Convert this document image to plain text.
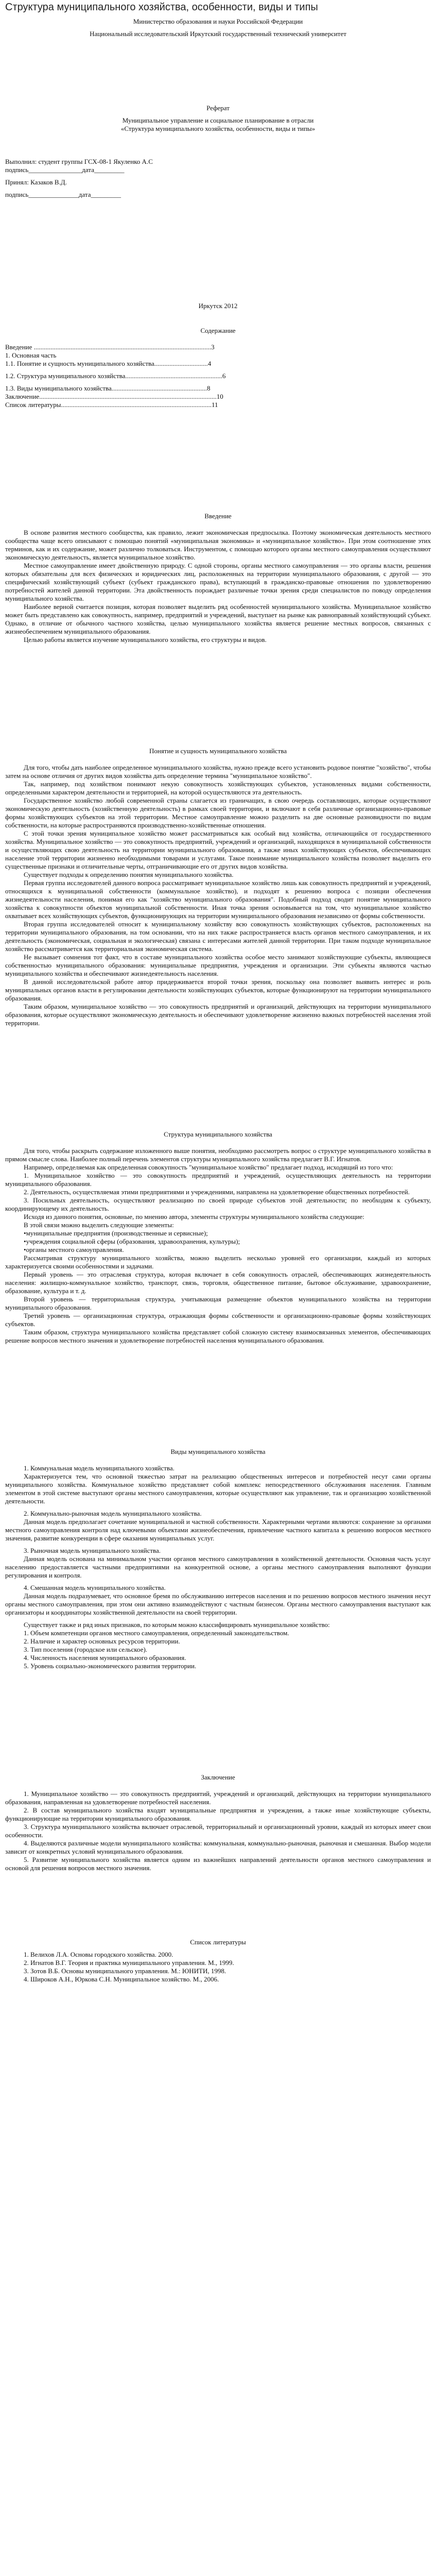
Структура муниципального хозяйства, особенности, виды и типы

Министерство образования и науки Российской Федерации

Национальный исследовательский Иркутский государственный технический университет

Реферат

Муниципальное управление и социальное планирование в отрасли

«Структура муниципального хозяйства, особенности, виды и типы»

Выполнил: студент группы ГСХ-08-1 Якуленко А.С

подпись________________дата_________

Принял: Казаков В.Д.

подпись_______________дата_________

Иркутск 2012

Содержание

Введение ..........................................................................................................3

1. Основная часть

1.1. Понятие и сущность муниципального хозяйства................................4

1.2. Структура муниципального хозяйства..........................................................6

1.3. Виды муниципального хозяйства.........................................................8

Заключение..........................................................................................................10

Список литературы..........................................................................................11

Введение

В основе развития местного сообщества, как правило, лежит экономическая предпосылка. Поэтому экономическая деятельность местного сообщества чаще всего описывают с помощью понятий «муниципальная экономика» и «муниципальное хозяйство». При этом соотношение этих терминов, как и их содержание, может различно толковаться. Инструментом, с помощью которого органы местного самоуправления осуществляют экономическую деятельность, является муниципальное хозяйство.

Местное самоуправление имеет двойственную природу. С одной стороны, органы местного самоуправления — это органы власти, решения которых обязательны для всех физических и юридических лиц, расположенных на территории муниципального образования, с другой — это специфический хозяйствующий субъект (субъект гражданского права), вступающий в гражданско-правовые отношения по удовлетворению потребностей жителей данной территории. Эта двойственность порождает различные точки зрения среди специалистов по поводу определения муниципального хозяйства.

Наиболее верной считается позиция, которая позволяет выделить ряд особенностей муниципального хозяйства. Муниципальное хозяйство может быть представлено как совокупность, например, предприятий и учреждений, выступает на рынке как равноправный хозяйствующий субъект. Однако, в отличие от обычного частного хозяйства, целью муниципального хозяйства является решение местных вопросов, связанных с жизнеобеспечением муниципального образования.

Целью работы является изучение муниципального хозяйства, его структуры и видов.

Понятие и сущность муниципального хозяйства

Для того, чтобы дать наиболее определенное муниципального хозяйства, нужно прежде всего установить родовое понятие "хозяйство", чтобы затем на основе отличия от других видов хозяйства дать определение термина "муниципальное хозяйство".

Так, например, под хозяйством понимают некую совокупность хозяйствующих субъектов, установленных видами собственности, определенными характером деятельности и территорией, на которой осуществляются эта деятельность.

Государственное хозяйство любой современной страны слагается из граничащих, в свою очередь составляющих, которые осуществляют экономическую деятельность (хозяйственную деятельность) в рамках своей территории, и включают в себя различные организационно-правовые формы хозяйствующих субъектов на этой территории. Местное самоуправление можно разделить на две основные разновидности по видам собственности, на которые распространяются производственно-хозяйственные отношения.

С этой точки зрения муниципальное хозяйство может рассматриваться как особый вид хозяйства, отличающийся от государственного хозяйства. Муниципальное хозяйство — это совокупность предприятий, учреждений и организаций, находящихся в муниципальной собственности и осуществляющих свою деятельность на территории муниципального образования, а также иных хозяйствующих субъектов, обеспечивающих население этой территории жизненно необходимыми товарами и услугами. Такое понимание муниципального хозяйства позволяет выделить его существенные признаки и отличительные черты, отграничивающие его от других видов хозяйства.

Существует подходы к определению понятия муниципального хозяйства.

Первая группа исследователей данного вопроса рассматривает муниципальное хозяйство лишь как совокупность предприятий и учреждений, относящихся к муниципальной собственности (коммунальное хозяйство), и подходят к решению вопроса с позиции обеспечения жизнедеятельности населения, понимая его как "хозяйство муниципального образования". Подобный подход сводит понятие муниципального хозяйства к совокупности объектов муниципальной собственности. Иная точка зрения основывается на том, что муниципальное хозяйство охватывает всех хозяйствующих субъектов, функционирующих на территории муниципального образования независимо от формы собственности.

Вторая группа исследователей относит к муниципальному хозяйству всю совокупность хозяйствующих субъектов, расположенных на территории муниципального образования, на том основании, что на них также распространяется власть органов местного самоуправления, и их деятельность (экономическая, социальная и экологическая) связана с интересами жителей данной территории. При таком подходе муниципальное хозяйство рассматривается как территориальная экономическая система.

Не вызывает сомнения тот факт, что в составе муниципального хозяйства особое место занимают хозяйствующие субъекты, являющиеся собственностью муниципального образования: муниципальные предприятия, учреждения и организации. Эти субъекты являются частью муниципального хозяйства и обеспечивают жизнедеятельность населения.

В данной исследовательской работе автор придерживается второй точки зрения, поскольку она позволяет выявить интерес и роль муниципальных органов власти в регулировании деятельности хозяйствующих субъектов, которые функционируют на территории муниципального образования.

Таким образом, муниципальное хозяйство — это совокупность предприятий и организаций, действующих на территории муниципального образования, которые осуществляют экономическую деятельность и обеспечивают удовлетворение жизненно важных потребностей населения этой территории.

Структура муниципального хозяйства

Для того, чтобы раскрыть содержание изложенного выше понятия, необходимо рассмотреть вопрос о структуре муниципального хозяйства в прямом смысле слова. Наиболее полный перечень элементов структуры муниципального хозяйства предлагает В.Г. Игнатов.

Например, определяемая как определенная совокупность "муниципальное хозяйство" предлагает подход, исходящий из того что:

1. Муниципальное хозяйство — это совокупность предприятий и учреждений, осуществляющих деятельность на территории муниципального образования.

2. Деятельность, осуществляемая этими предприятиями и учреждениями, направлена на удовлетворение общественных потребностей.

3. Посильных деятельность, осуществляют реализацию по своей природе субъектов этой деятельности; по необходим к субъекту, координирующему их деятельность.

Исходя из данного понятия, основные, по мнению автора, элементы структуры муниципального хозяйства следующие:

В этой связи можно выделить следующие элементы:

•муниципальные предприятия (производственные и сервисные);

•учреждения социальной сферы (образования, здравоохранения, культуры);

•органы местного самоуправления.

Рассматривая структуру муниципального хозяйства, можно выделить несколько уровней его организации, каждый из которых характеризуется своими особенностями и задачами.

Первый уровень — это отраслевая структура, которая включает в себя совокупность отраслей, обеспечивающих жизнедеятельность населения: жилищно-коммунальное хозяйство, транспорт, связь, торговля, общественное питание, бытовое обслуживание, здравоохранение, образование, культура и т. д.

Второй уровень — территориальная структура, учитывающая размещение объектов муниципального хозяйства на территории муниципального образования.

Третий уровень — организационная структура, отражающая формы собственности и организационно-правовые формы хозяйствующих субъектов.

Таким образом, структура муниципального хозяйства представляет собой сложную систему взаимосвязанных элементов, обеспечивающих решение вопросов местного значения и удовлетворение потребностей населения муниципального образования.

Виды муниципального хозяйства

1. Коммунальная модель муниципального хозяйства.

Характеризуется тем, что основной тяжестью затрат на реализацию общественных интересов и потребностей несут сами органы муниципального хозяйства. Коммунальное хозяйство представляет собой комплекс непосредственного обслуживания населения. Главным элементом в этой системе выступают органы местного самоуправления, которые осуществляют как управление, так и организацию хозяйственной деятельности.

2. Коммунально-рыночная модель муниципального хозяйства.

Данная модель предполагает сочетание муниципальной и частной собственности. Характерными чертами являются: сохранение за органами местного самоуправления контроля над ключевыми объектами жизнеобеспечения, привлечение частного капитала к решению вопросов местного значения, развитие конкуренции в сфере оказания муниципальных услуг.

3. Рыночная модель муниципального хозяйства.

Данная модель основана на минимальном участии органов местного самоуправления в хозяйственной деятельности. Основная часть услуг населению предоставляется частными предприятиями на конкурентной основе, а органы местного самоуправления выполняют функции регулирования и контроля.

4. Смешанная модель муниципального хозяйства.

Данная модель подразумевает, что основное бремя по обслуживанию интересов населения и по решению вопросов местного значения несут органы местного самоуправления, при этом они активно взаимодействуют с частным бизнесом. Органы местного самоуправления выступают как организаторы и координаторы хозяйственной деятельности на своей территории.

Существует также и ряд иных признаков, по которым можно классифицировать муниципальное хозяйство:

1. Объем компетенции органов местного самоуправления, определенный законодательством.

2. Наличие и характер основных ресурсов территории.

3. Тип поселения (городское или сельское).

4. Численность населения муниципального образования.

5. Уровень социально-экономического развития территории.

Заключение

1. Муниципальное хозяйство — это совокупность предприятий, учреждений и организаций, действующих на территории муниципального образования, направленная на удовлетворение потребностей населения.

2. В состав муниципального хозяйства входят муниципальные предприятия и учреждения, а также иные хозяйствующие субъекты, функционирующие на территории муниципального образования.

3. Структура муниципального хозяйства включает отраслевой, территориальный и организационный уровни, каждый из которых имеет свои особенности.

4. Выделяются различные модели муниципального хозяйства: коммунальная, коммунально-рыночная, рыночная и смешанная. Выбор модели зависит от конкретных условий муниципального образования.

5. Развитие муниципального хозяйства является одним из важнейших направлений деятельности органов местного самоуправления и основой для решения вопросов местного значения.

Список литературы

1. Велихов Л.А. Основы городского хозяйства. 2000.

2. Игнатов В.Г. Теория и практика муниципального управления. М., 1999.

3. Зотов В.Б. Основы муниципального управления. М.: ЮНИТИ, 1998.

4. Широков А.Н., Юркова С.Н. Муниципальное хозяйство. М., 2006.
